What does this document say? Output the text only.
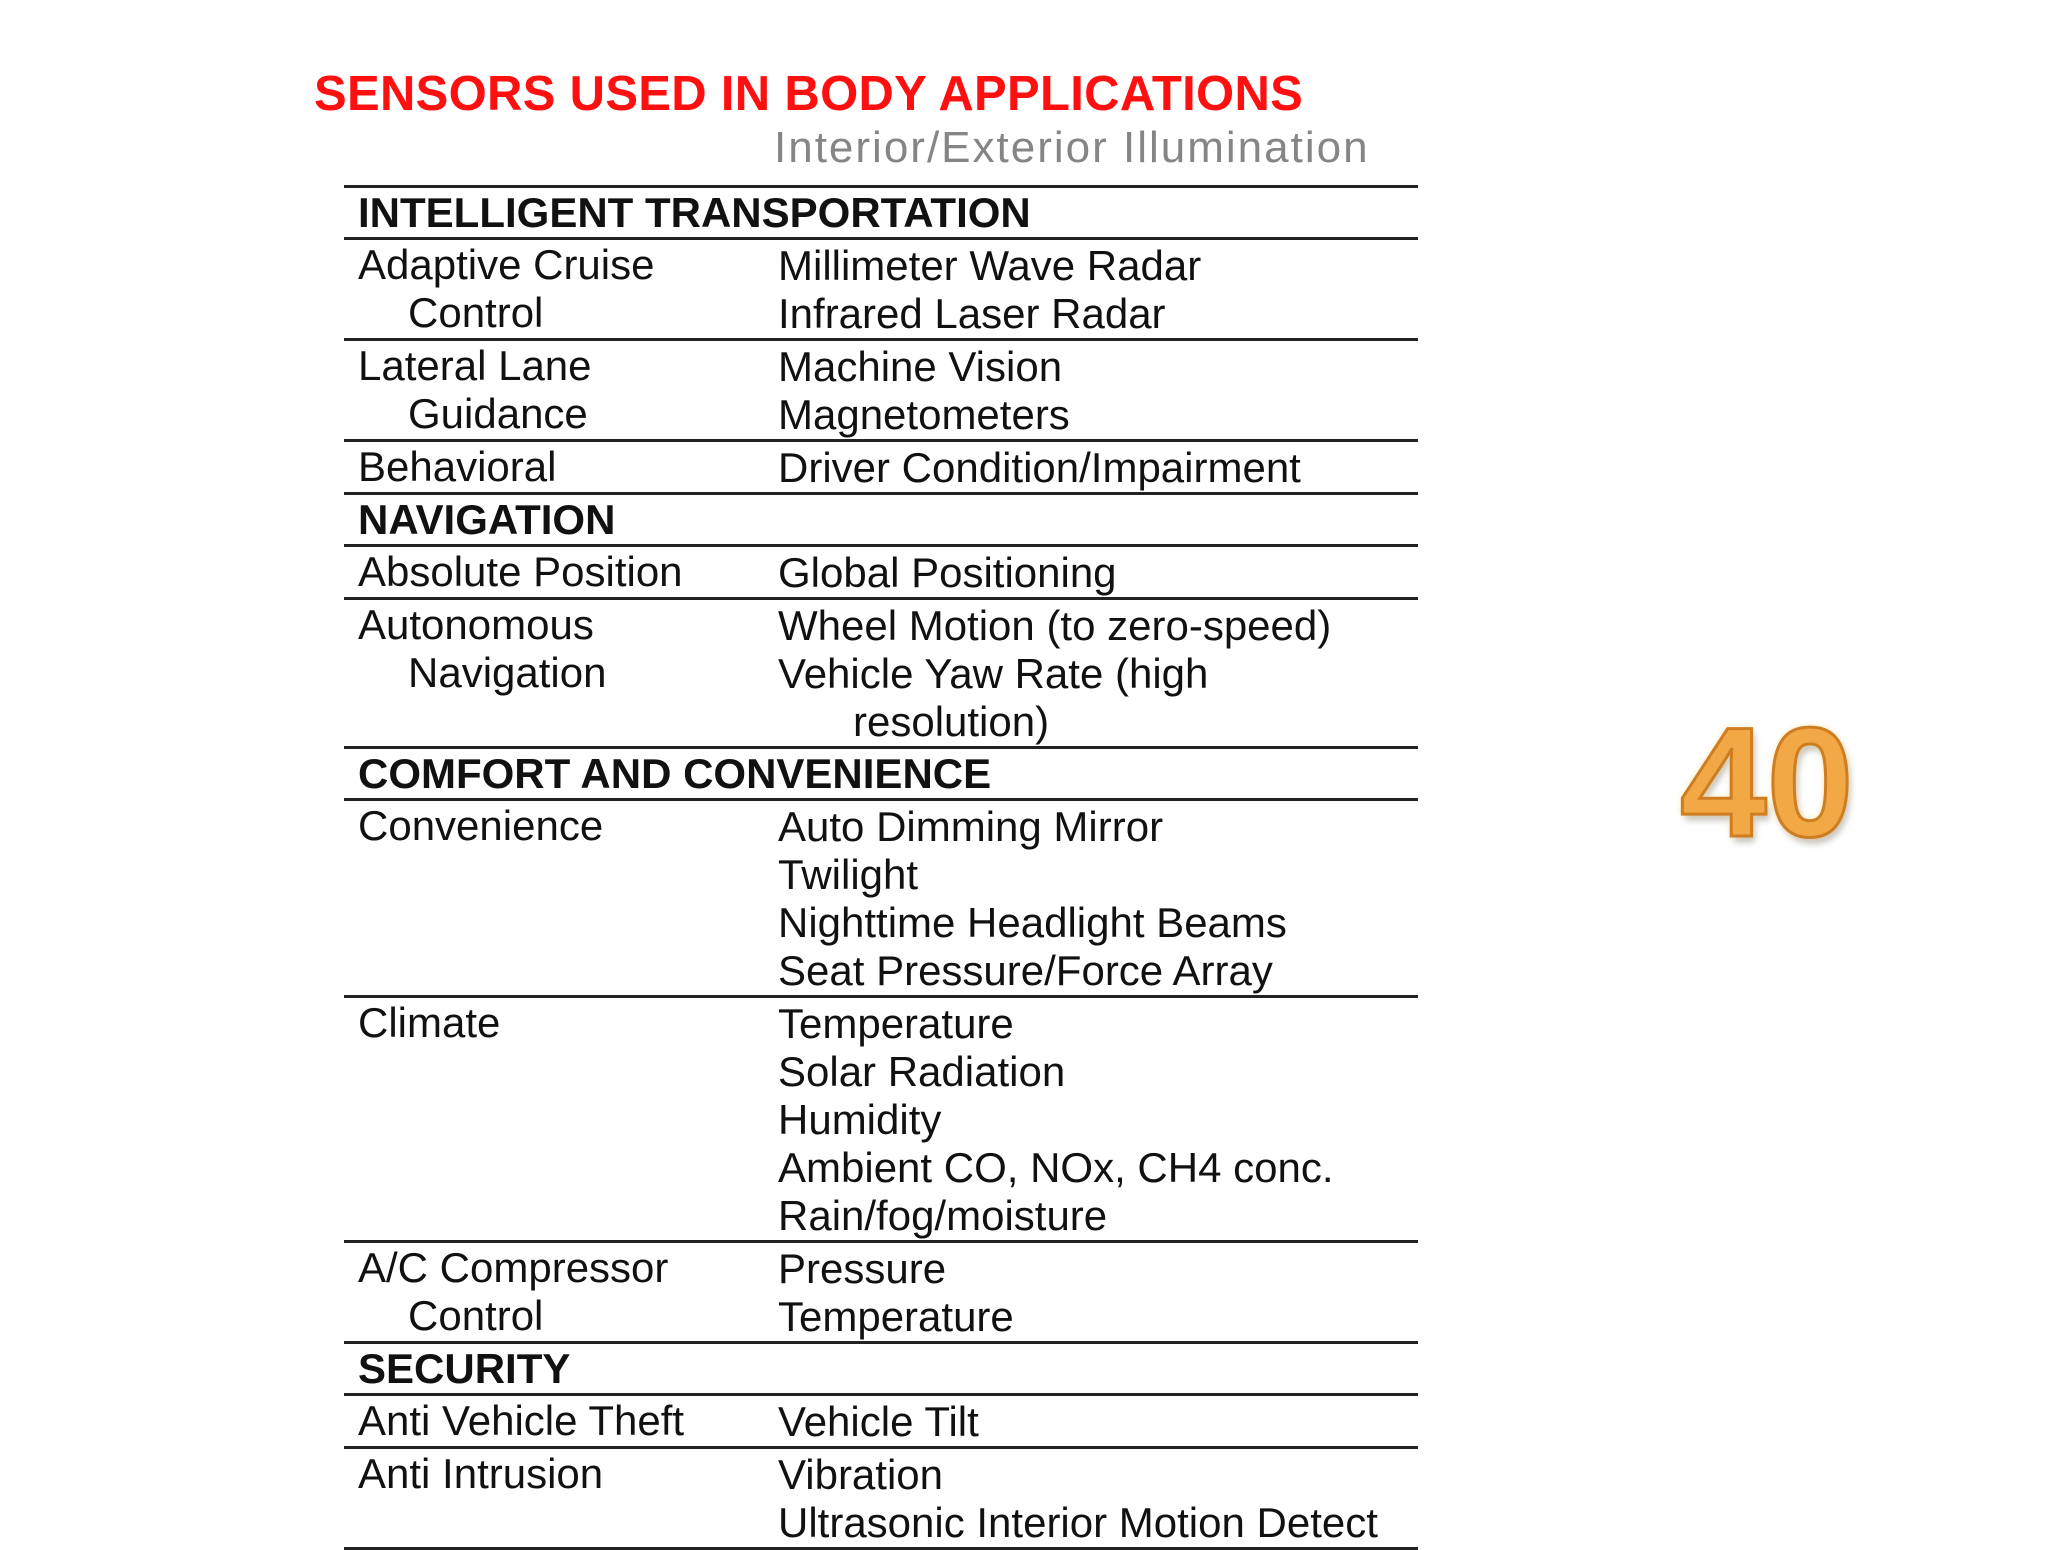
SENSORS USED IN BODY APPLICATIONS
Interior/Exterior Illumination
INTELLIGENT TRANSPORTATION	

Adaptive Cruise
Control	Millimeter Wave Radar
Infrared Laser Radar

Lateral Lane
Guidance	Machine Vision
Magnetometers

Behavioral	Driver Condition/Impairment

NAVIGATION	

Absolute Position	Global Positioning

Autonomous
Navigation	Wheel Motion (to zero-speed)
Vehicle Yaw Rate (high
resolution)

COMFORT AND CONVENIENCE	

Convenience	Auto Dimming Mirror
Twilight
Nighttime Headlight Beams
Seat Pressure/Force Array

Climate	Temperature
Solar Radiation
Humidity
Ambient CO, NOx, CH4 conc.
Rain/fog/moisture

A/C Compressor
Control	Pressure
Temperature

SECURITY	

Anti Vehicle Theft	Vehicle Tilt

Anti Intrusion	Vibration
Ultrasonic Interior Motion Detect
40
